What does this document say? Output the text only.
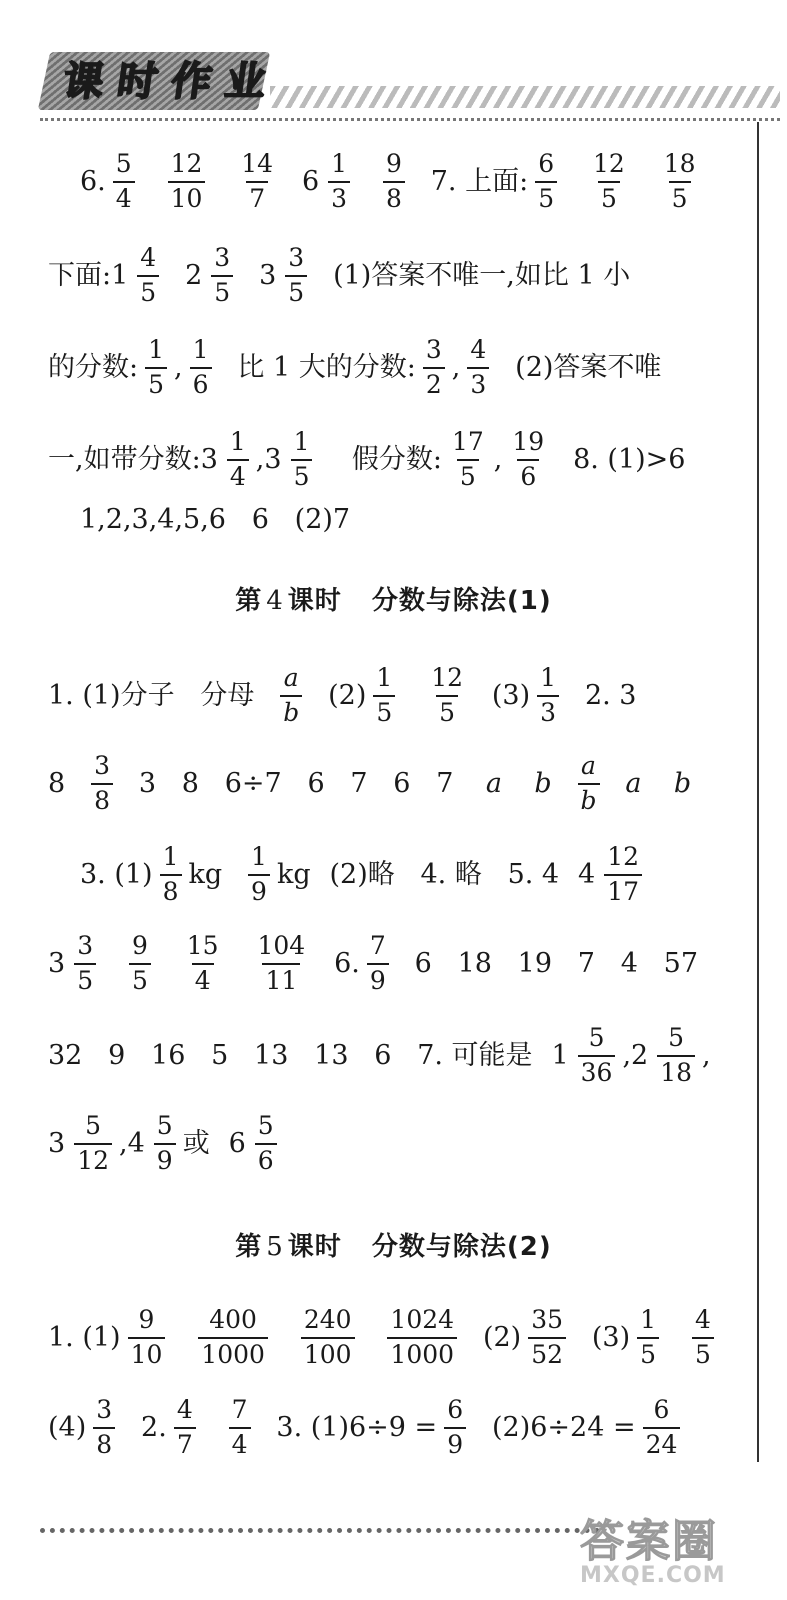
课 时 作 业
6. $\frac{5}{4} \frac{12}{10} \frac{14}{7} 6 \frac{1}{3} \frac{9}{8} 7$. 上面: $\frac{6}{5} \frac{12}{5} \frac{18}{5}$
下面: $1 \frac{4}{5} 2 \frac{3}{5} 3 \frac{3}{5} (1)$答案不唯一,如比 1 小
的分数: $\frac{1}{5}$ , $\frac{1}{6}$ 比 1 大的分数: $\frac{3}{2}$ , $\frac{4}{3} (2)$答案不唯
一,如带分数: $3 \frac{1}{4}$ , $3 \frac{1}{5}$ 假分数: $\frac{17}{5}$ , $\frac{19}{6} 8$. (1)>6
1,2,3,4,5,6   6   (2)7
第 4 课时   分数与除法(1)
1. (1)分子   分母 $\frac{a}{b} (2) \frac{1}{5} \frac{12}{5} (3) \frac{1}{3} 2$. 3
$8 \frac{3}{8} 3$   8   6÷7   6   7   6   7 a b $\frac{a}{b}$ a b
3. $(1) \frac{1}{8}$ kg $\frac{1}{9}$ kg (2)略   4. 略   5. 4 $4 \frac{12}{17}$
$3 \frac{3}{5} \frac{9}{5} \frac{15}{4} \frac{104}{11} 6$. $\frac{7}{9} 6$   18   19   7   4   57
32   9   16   5   13   13   6   7. 可能是 $1 \frac{5}{36}$ , $2 \frac{5}{18}$ ,
$3 \frac{5}{12}$ , $4 \frac{5}{9}$ 或 $6 \frac{5}{6}$
第 5 课时   分数与除法(2)
1. $(1) \frac{9}{10} \frac{400}{1000} \frac{240}{100} \frac{1024}{1000} (2) \frac{35}{52} (3) \frac{1}{5} \frac{4}{5}$
$(4) \frac{3}{8} 2$. $\frac{4}{7} \frac{7}{4} 3$. $(1)6\div 9 = \frac{6}{9} (2)6\div 24 = \frac{6}{24}$
答案圈
MXQE.COM
